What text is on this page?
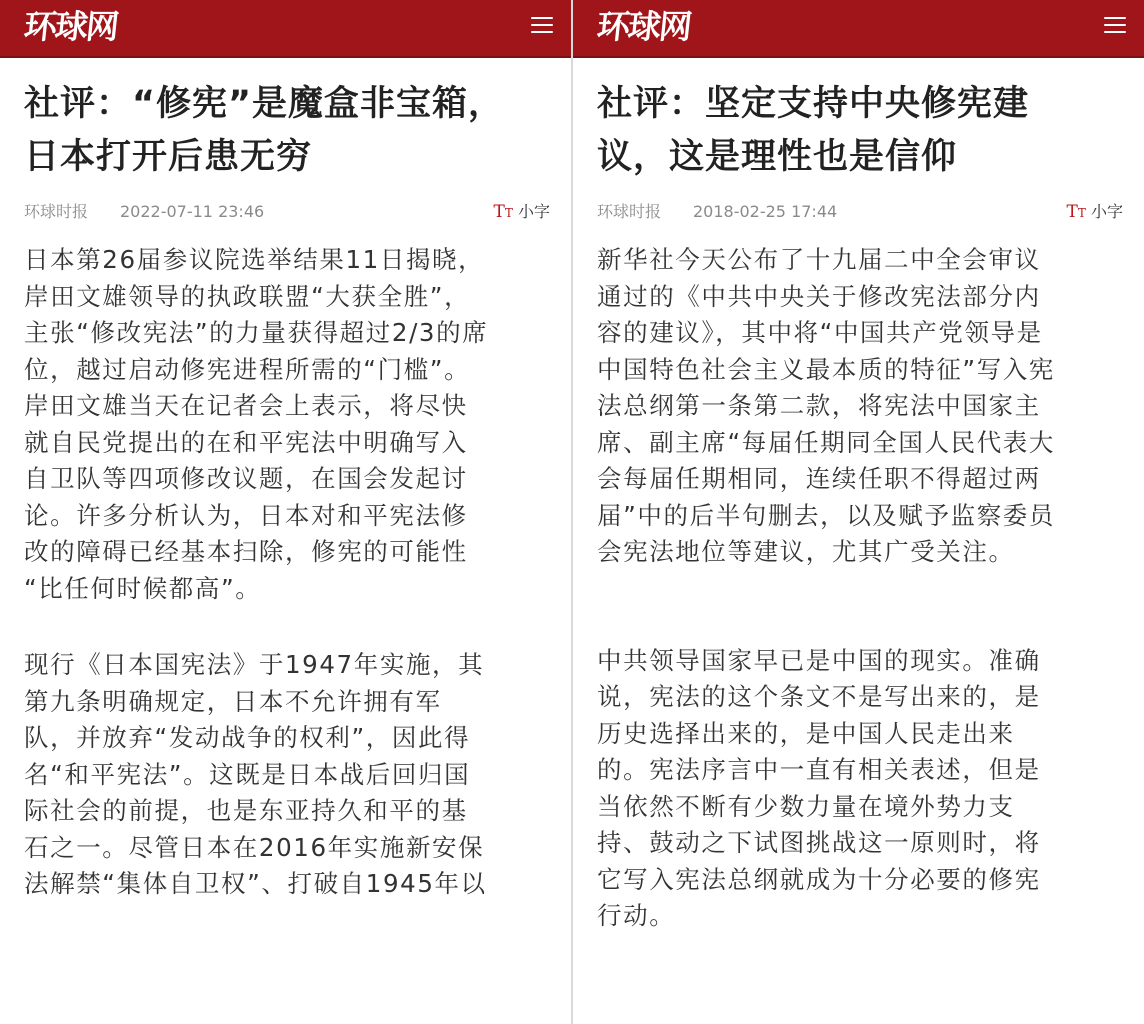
环球网
社评：“修宪”是魔盒非宝箱，
日本打开后患无穷
环球时报 2022-07-11 23:46	TT 小字
日本第26届参议院选举结果11日揭晓，
岸田文雄领导的执政联盟“大获全胜”，
主张“修改宪法”的力量获得超过2/3的席
位，越过启动修宪进程所需的“门槛”。
岸田文雄当天在记者会上表示，将尽快
就自民党提出的在和平宪法中明确写入
自卫队等四项修改议题，在国会发起讨
论。许多分析认为，日本对和平宪法修
改的障碍已经基本扫除，修宪的可能性
“比任何时候都高”。
现行《日本国宪法》于1947年实施，其
第九条明确规定，日本不允许拥有军
队，并放弃“发动战争的权利”，因此得
名“和平宪法”。这既是日本战后回归国
际社会的前提，也是东亚持久和平的基
石之一。尽管日本在2016年实施新安保
法解禁“集体自卫权”、打破自1945年以
环球网
社评：坚定支持中央修宪建
议，这是理性也是信仰
环球时报 2018-02-25 17:44	TT 小字
新华社今天公布了十九届二中全会审议
通过的《中共中央关于修改宪法部分内
容的建议》，其中将“中国共产党领导是
中国特色社会主义最本质的特征”写入宪
法总纲第一条第二款，将宪法中国家主
席、副主席“每届任期同全国人民代表大
会每届任期相同，连续任职不得超过两
届”中的后半句删去，以及赋予监察委员
会宪法地位等建议，尤其广受关注。
中共领导国家早已是中国的现实。准确
说，宪法的这个条文不是写出来的，是
历史选择出来的，是中国人民走出来
的。宪法序言中一直有相关表述，但是
当依然不断有少数力量在境外势力支
持、鼓动之下试图挑战这一原则时，将
它写入宪法总纲就成为十分必要的修宪
行动。
